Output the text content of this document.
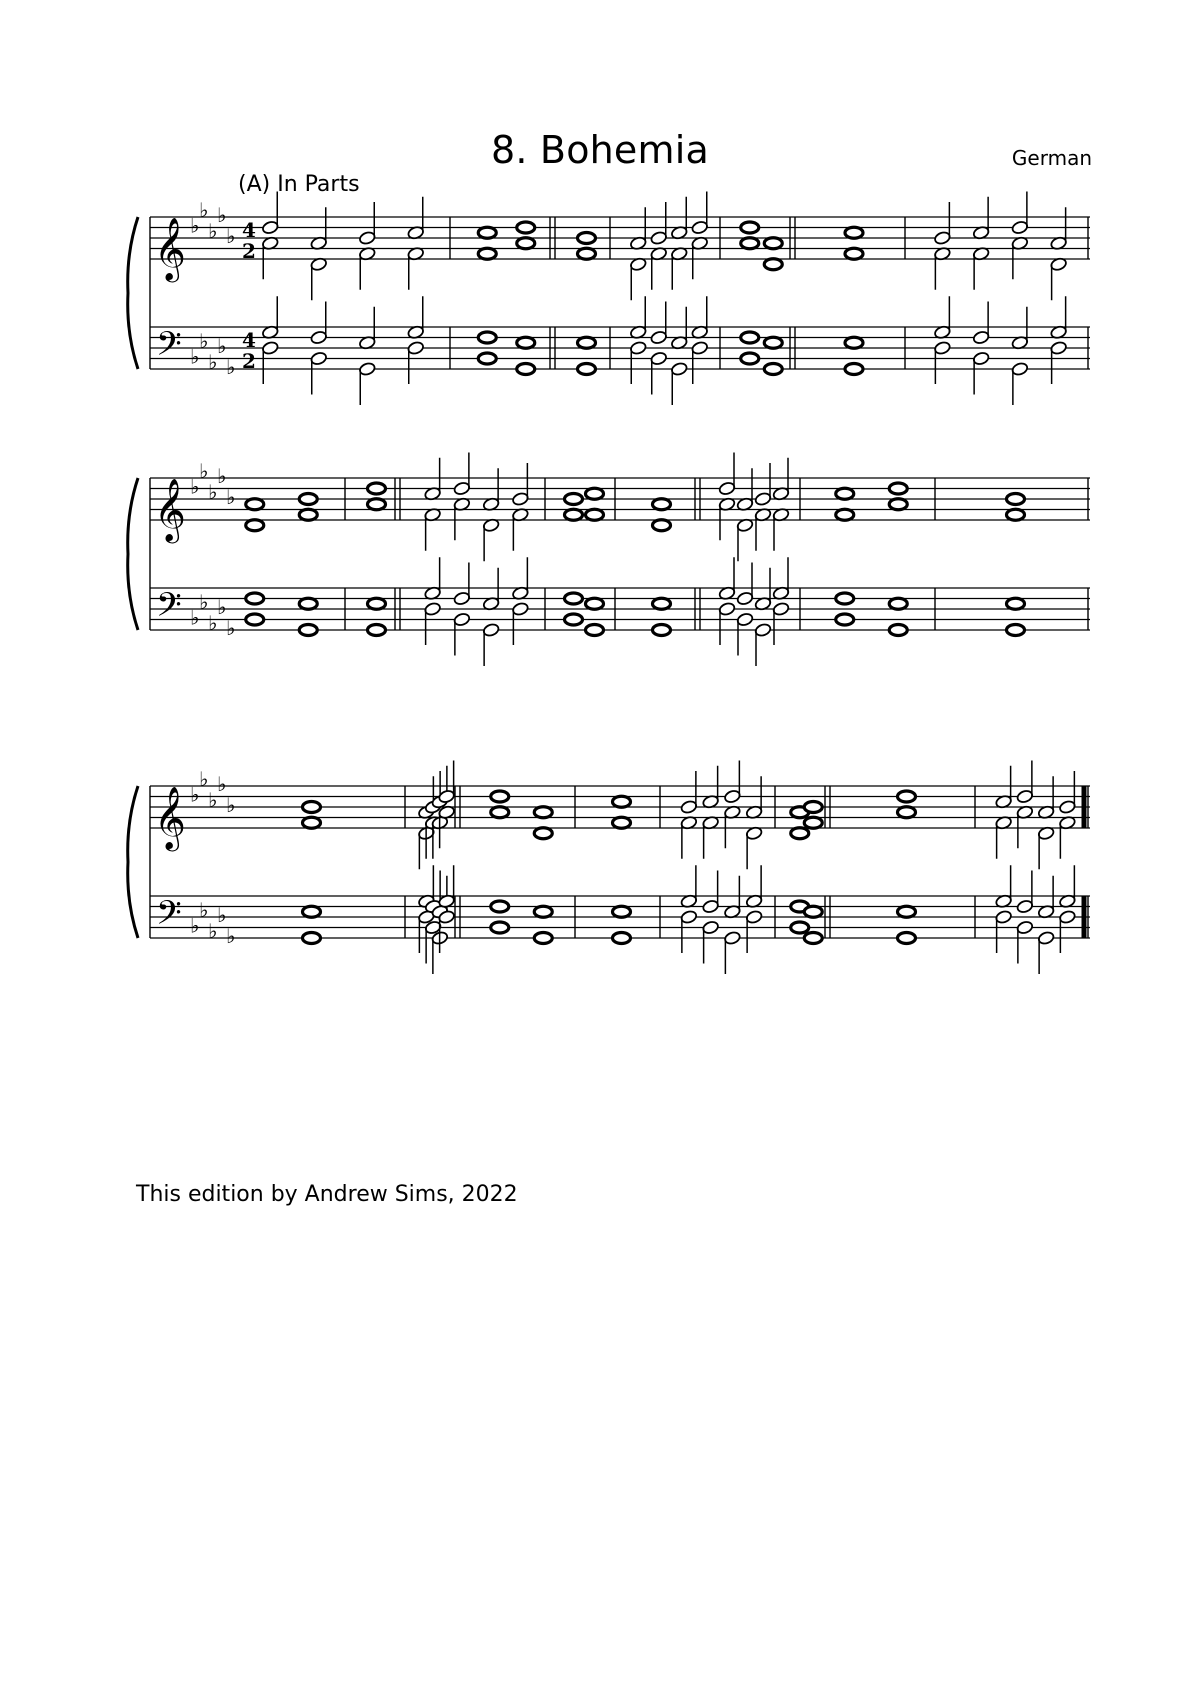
8. Bohemia	German
(A) In Parts
This edition by Andrew Sims, 2022
𝄞
𝄢
♭
♭
♭
♭
♭
♭
♭
♭
♭
♭
4
2
4
2
𝄞
𝄢
♭
♭
♭
♭
♭
♭
♭
♭
♭
♭
𝄞
𝄢
♭
♭
♭
♭
♭
♭
♭
♭
♭
♭
